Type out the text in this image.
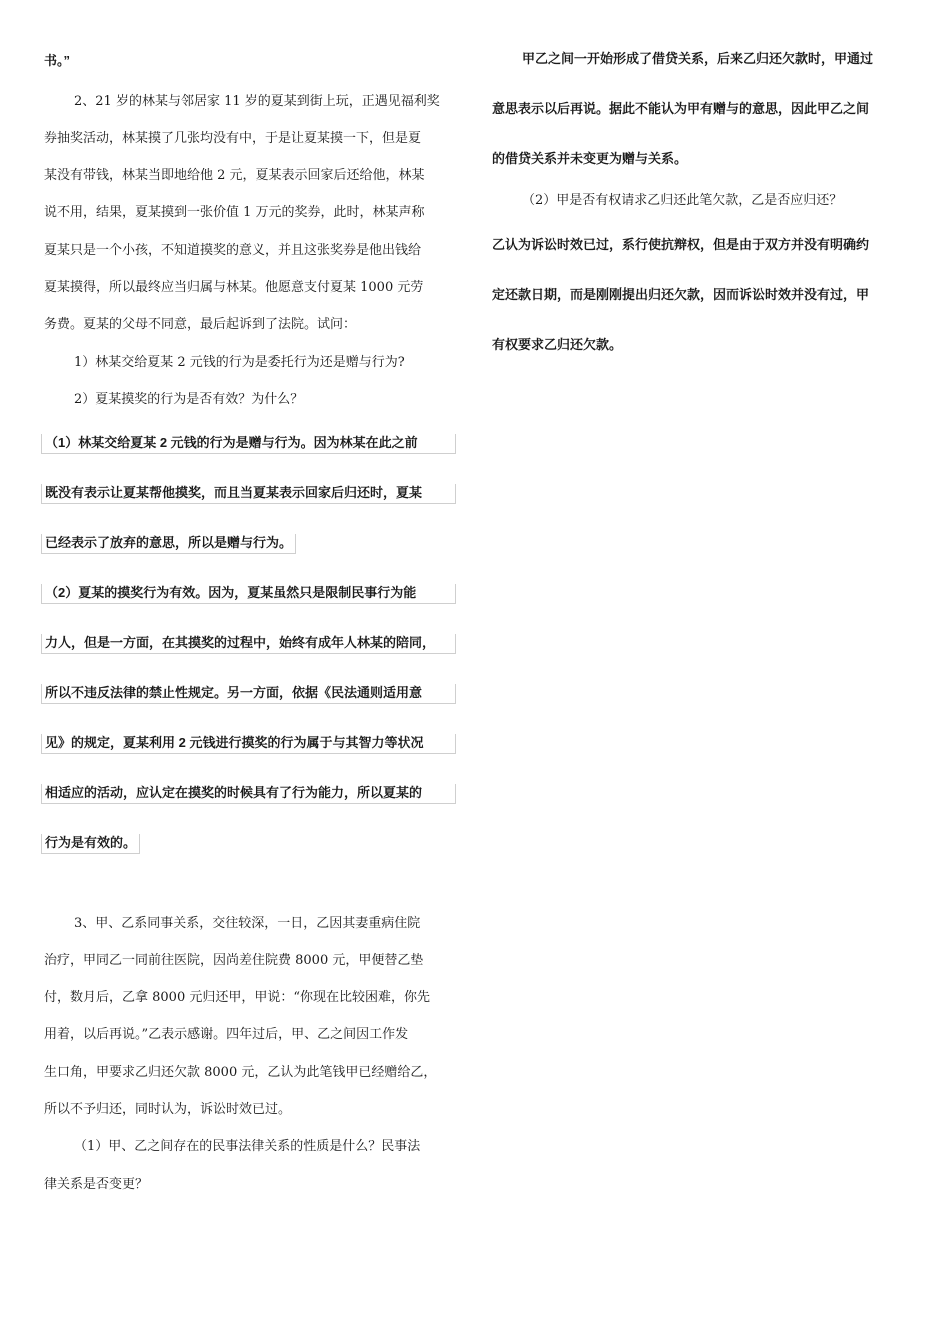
书。”
2、21 岁的林某与邻居家 11 岁的夏某到街上玩，正遇见福利奖
券抽奖活动，林某摸了几张均没有中，于是让夏某摸一下，但是夏
某没有带钱，林某当即地给他 2 元，夏某表示回家后还给他，林某
说不用，结果，夏某摸到一张价值 1 万元的奖券，此时，林某声称
夏某只是一个小孩，不知道摸奖的意义，并且这张奖券是他出钱给
夏某摸得，所以最终应当归属与林某。他愿意支付夏某 1000 元劳
务费。夏某的父母不同意，最后起诉到了法院。试问：
1）林某交给夏某 2 元钱的行为是委托行为还是赠与行为?
2）夏某摸奖的行为是否有效？为什么？
（1）林某交给夏某 2 元钱的行为是赠与行为。因为林某在此之前
既没有表示让夏某帮他摸奖，而且当夏某表示回家后归还时，夏某
已经表示了放弃的意思，所以是赠与行为。
（2）夏某的摸奖行为有效。因为，夏某虽然只是限制民事行为能
力人，但是一方面，在其摸奖的过程中，始终有成年人林某的陪同，
所以不违反法律的禁止性规定。另一方面，依据《民法通则适用意
见》的规定，夏某利用 2 元钱进行摸奖的行为属于与其智力等状况
相适应的活动，应认定在摸奖的时候具有了行为能力，所以夏某的
行为是有效的。
3、甲、乙系同事关系，交往较深，一日，乙因其妻重病住院
治疗，甲同乙一同前往医院，因尚差住院费 8000 元，甲便替乙垫
付，数月后，乙拿 8000 元归还甲，甲说：“你现在比较困难，你先
用着，以后再说。”乙表示感谢。四年过后，甲、乙之间因工作发
生口角，甲要求乙归还欠款 8000 元，乙认为此笔钱甲已经赠给乙，
所以不予归还，同时认为，诉讼时效已过。
（1）甲、乙之间存在的民事法律关系的性质是什么？民事法
律关系是否变更？
甲乙之间一开始形成了借贷关系，后来乙归还欠款时，甲通过
意思表示以后再说。据此不能认为甲有赠与的意思，因此甲乙之间
的借贷关系并未变更为赠与关系。
（2）甲是否有权请求乙归还此笔欠款，乙是否应归还？
乙认为诉讼时效已过，系行使抗辩权，但是由于双方并没有明确约
定还款日期，而是刚刚提出归还欠款，因而诉讼时效并没有过，甲
有权要求乙归还欠款。
